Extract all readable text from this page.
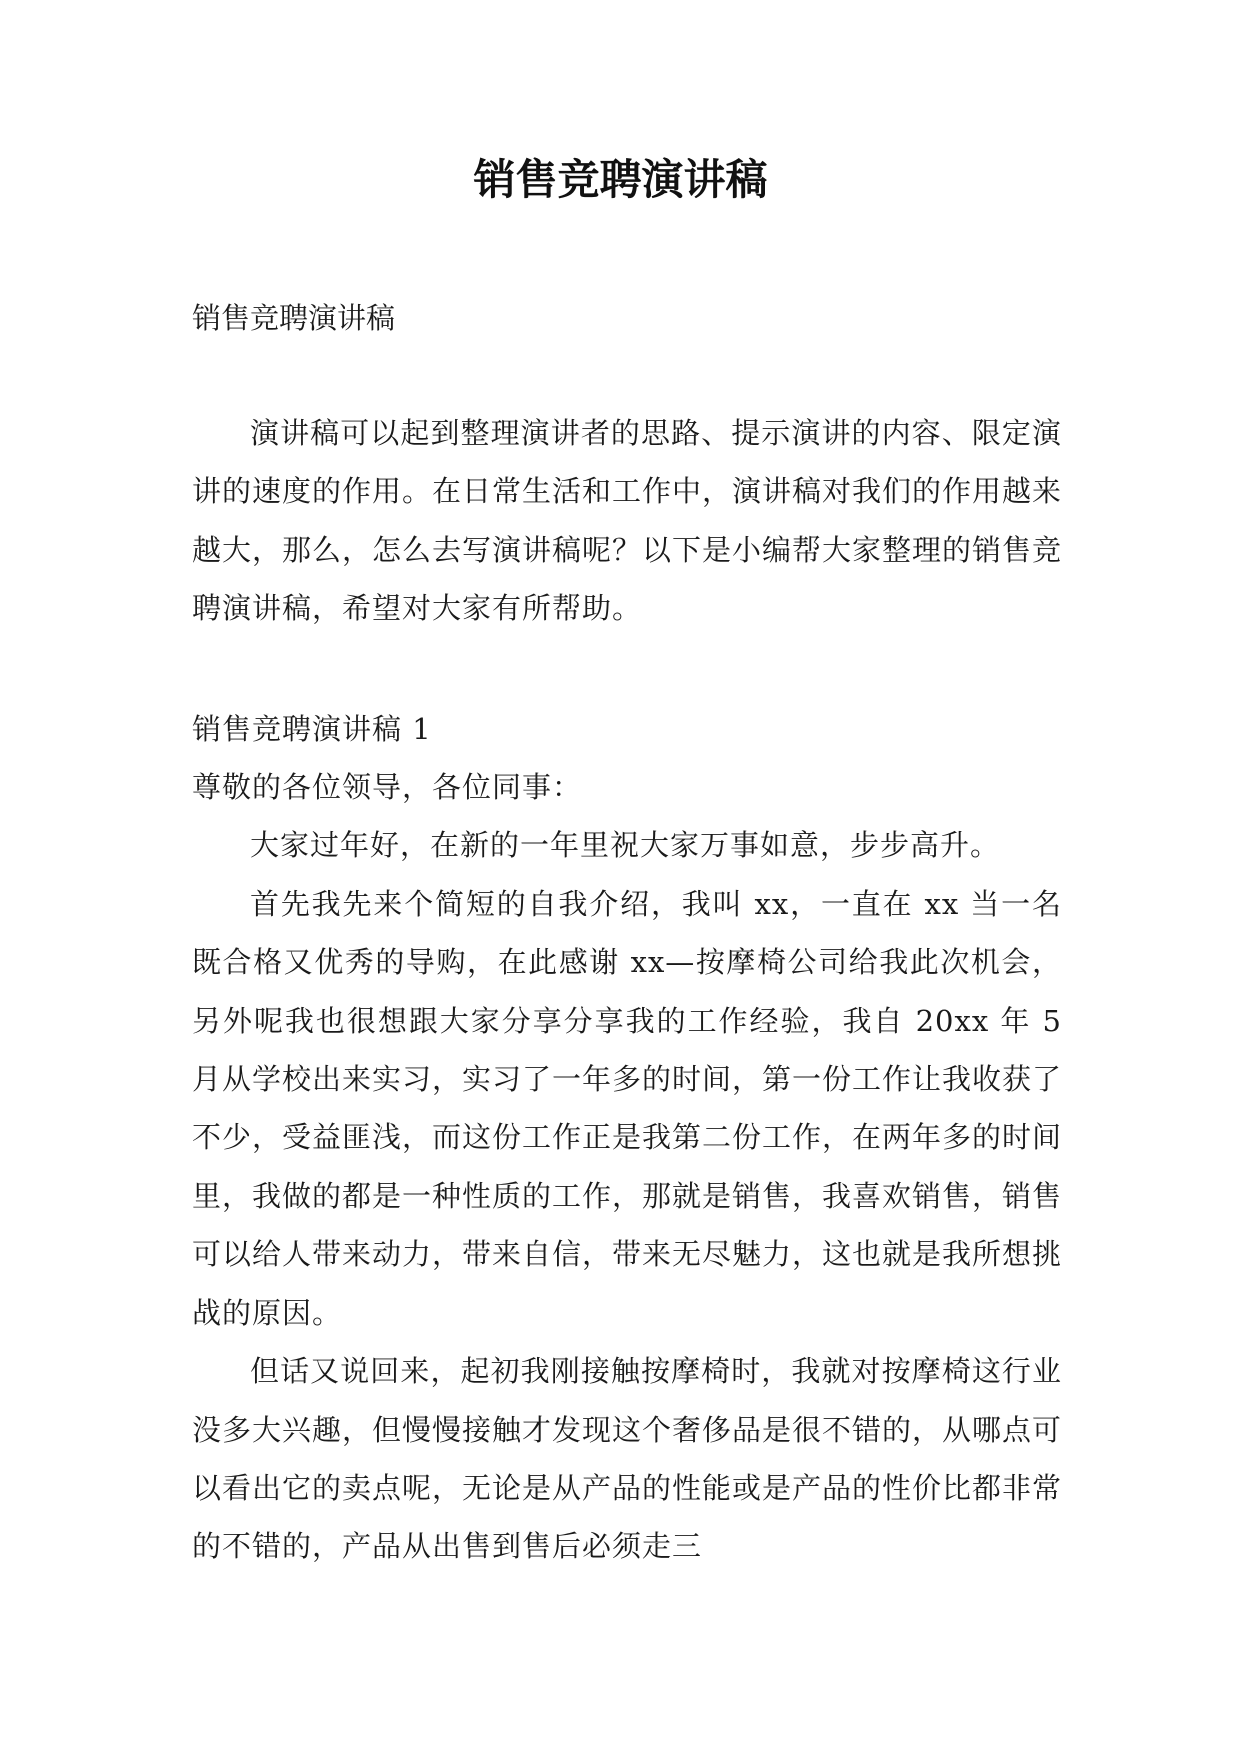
销售竞聘演讲稿

销售竞聘演讲稿

演讲稿可以起到整理演讲者的思路、提示演讲的内容、限定演讲的速度的作用。在日常生活和工作中，演讲稿对我们的作用越来越大，那么，怎么去写演讲稿呢？以下是小编帮大家整理的销售竞聘演讲稿，希望对大家有所帮助。

销售竞聘演讲稿 1

尊敬的各位领导，各位同事：

大家过年好，在新的一年里祝大家万事如意，步步高升。

首先我先来个简短的自我介绍，我叫 xx，一直在 xx 当一名既合格又优秀的导购，在此感谢 xx—按摩椅公司给我此次机会，另外呢我也很想跟大家分享分享我的工作经验，我自 20xx 年 5 月从学校出来实习，实习了一年多的时间，第一份工作让我收获了不少，受益匪浅，而这份工作正是我第二份工作，在两年多的时间里，我做的都是一种性质的工作，那就是销售，我喜欢销售，销售可以给人带来动力，带来自信，带来无尽魅力，这也就是我所想挑战的原因。

但话又说回来，起初我刚接触按摩椅时，我就对按摩椅这行业没多大兴趣，但慢慢接触才发现这个奢侈品是很不错的，从哪点可以看出它的卖点呢，无论是从产品的性能或是产品的性价比都非常的不错的，产品从出售到售后必须走三
